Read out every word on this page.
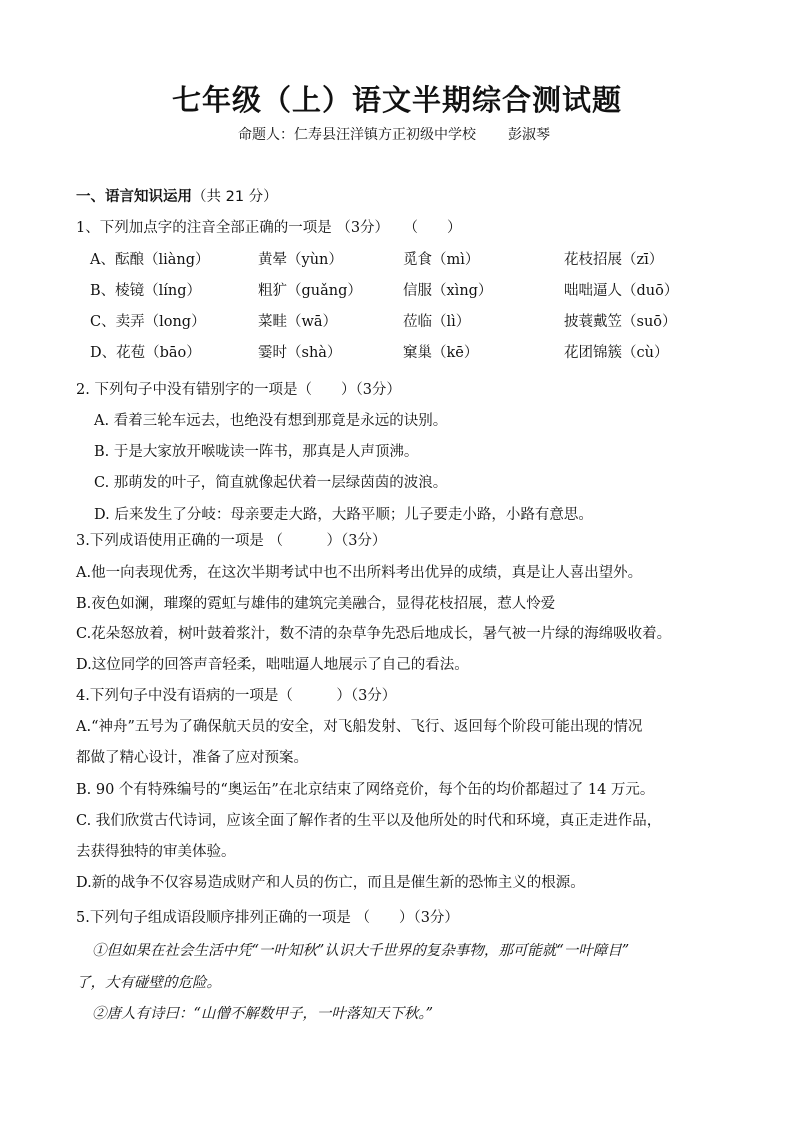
七年级（上）语文半期综合测试题
命题人：仁寿县汪洋镇方正初级中学校 彭淑琴
一、语言知识运用（共 21 分）
1、下列加点字的注音全部正确的一项是 （3分）　　（　　）
A、酝酿（liàng）	黄晕（yùn）	觅食（mì）	花枝招展（zī）
B、棱镜（líng）	粗犷（guǎng）	信服（xìng）	咄咄逼人（duō）
C、卖弄（long）	菜畦（wā）	莅临（lì）	披蓑戴笠（suō）
D、花苞（bāo）	霎时（shà）	窠巢（kē）	花团锦簇（cù）
2. 下列句子中没有错别字的一项是（　　）（3分）
A. 看着三轮车远去，也绝没有想到那竟是永远的诀别。
B. 于是大家放开喉咙读一阵书，那真是人声顶沸。
C. 那萌发的叶子，简直就像起伏着一层绿茵茵的波浪。
D. 后来发生了分岐：母亲要走大路，大路平顺；儿子要走小路，小路有意思。
3.下列成语使用正确的一项是 （　　　）（3分）
A.他一向表现优秀，在这次半期考试中也不出所料考出优异的成绩，真是让人喜出望外。
B.夜色如澜，璀璨的霓虹与雄伟的建筑完美融合，显得花枝招展，惹人怜爱
C.花朵怒放着，树叶鼓着浆汁，数不清的杂草争先恐后地成长，暑气被一片绿的海绵吸收着。
D.这位同学的回答声音轻柔，咄咄逼人地展示了自己的看法。
4.下列句子中没有语病的一项是（　　　）（3分）
A.“神舟”五号为了确保航天员的安全，对飞船发射、飞行、返回每个阶段可能出现的情况
都做了精心设计，准备了应对预案。
B. 90 个有特殊编号的“奥运缶”在北京结束了网络竞价，每个缶的均价都超过了 14 万元。
C. 我们欣赏古代诗词，应该全面了解作者的生平以及他所处的时代和环境，真正走进作品，
去获得独特的审美体验。
D.新的战争不仅容易造成财产和人员的伤亡，而且是催生新的恐怖主义的根源。
5.下列句子组成语段顺序排列正确的一项是 （　　）（3分）
①但如果在社会生活中凭“一叶知秋”认识大千世界的复杂事物，那可能就“一叶障目”
了，大有碰壁的危险。
②唐人有诗曰：“山僧不解数甲子，一叶落知天下秋。”
